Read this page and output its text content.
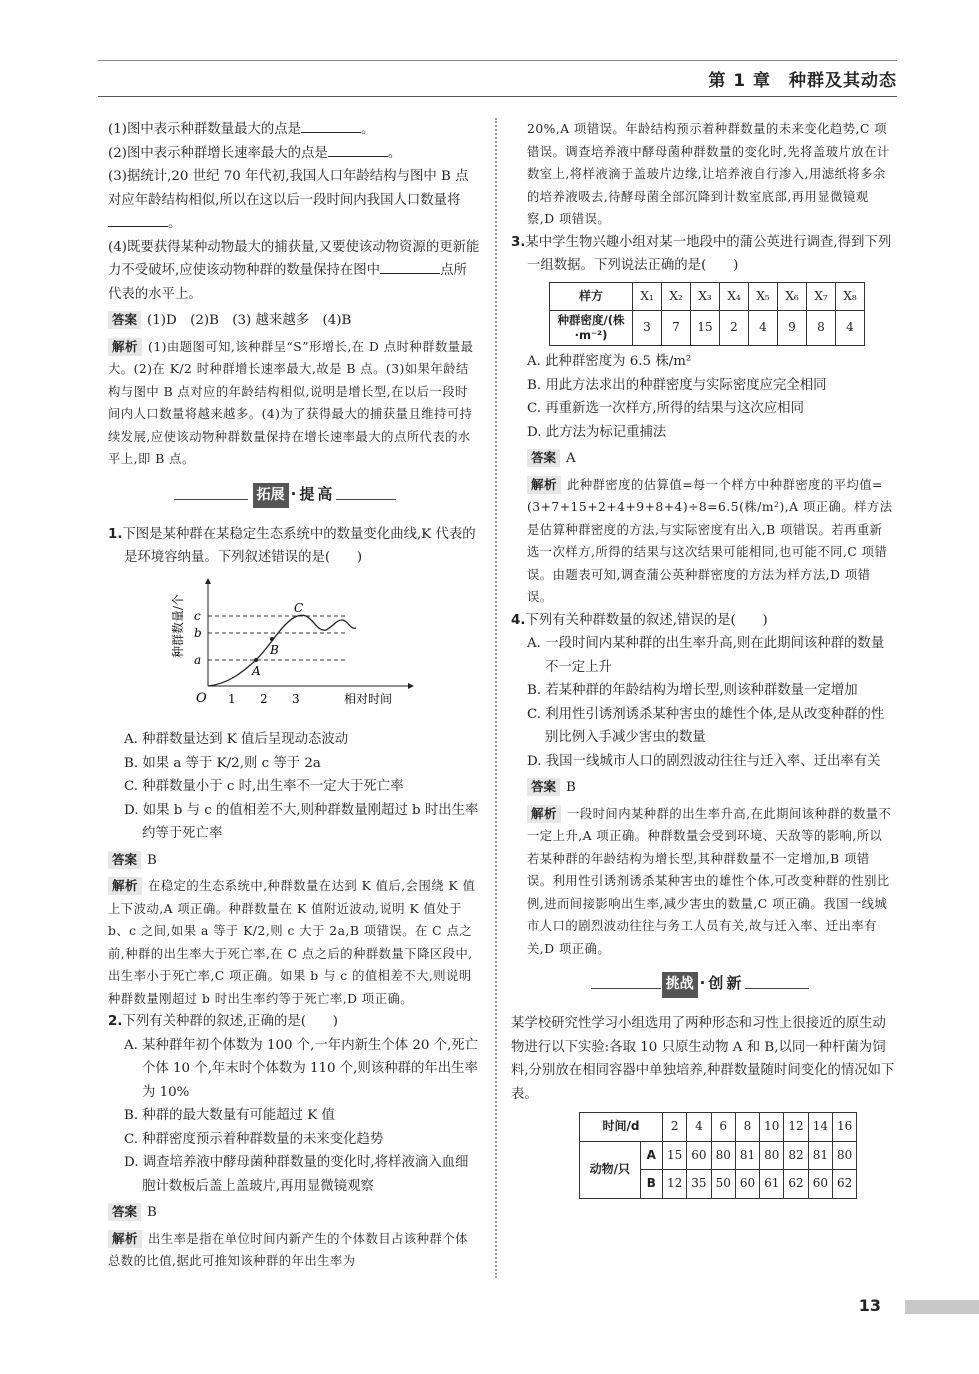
第 1 章　种群及其动态

(1)图中表示种群数量最大的点是	。

(2)图中表示种群增长速率最大的点是	。

(3)据统计,20 世纪 70 年代初,我国人口年龄结构与图中 B 点对应年龄结构相似,所以在这以后一段时间内我国人口数量将。

(4)既要获得某种动物最大的捕获量,又要使该动物资源的更新能力不受破坏,应使该动物种群的数量保持在图中	点所代表的水平上。

答案 (1)D　(2)B　(3) 越来越多　(4)B

解析 (1)由题图可知,该种群呈“S”形增长,在 D 点时种群数量最大。(2)在 K/2 时种群增长速率最大,故是 B 点。(3)如果年龄结构与图中 B 点对应的年龄结构相似,说明是增长型,在以后一段时间内人口数量将越来越多。(4)为了获得最大的捕获量且维持可持续发展,应使该动物种群数量保持在增长速率最大的点所代表的水平上,即 B 点。

拓展 ·提高

1.下图是某种群在某稳定生态系统中的数量变化曲线,K 代表的是环境容纳量。下列叙述错误的是(　　)

c
b
a
A
B
C
O 1 2 3	相对时间
种群数量/个

A. 种群数量达到 K 值后呈现动态波动

B. 如果 a 等于 K/2,则 c 等于 2a

C. 种群数量小于 c 时,出生率不一定大于死亡率

D. 如果 b 与 c 的值相差不大,则种群数量刚超过 b 时出生率约等于死亡率

答案 B

解析 在稳定的生态系统中,种群数量在达到 K 值后,会围绕 K 值上下波动,A 项正确。种群数量在 K 值附近波动,说明 K 值处于 b、c 之间,如果 a 等于 K/2,则 c 大于 2a,B 项错误。在 C 点之前,种群的出生率大于死亡率,在 C 点之后的种群数量下降区段中,出生率小于死亡率,C 项正确。如果 b 与 c 的值相差不大,则说明种群数量刚超过 b 时出生率约等于死亡率,D 项正确。

2.下列有关种群的叙述,正确的是(　　)

A. 某种群年初个体数为 100 个,一年内新生个体 20 个,死亡个体 10 个,年末时个体数为 110 个,则该种群的年出生率为 10%

B. 种群的最大数量有可能超过 K 值

C. 种群密度预示着种群数量的未来变化趋势

D. 调查培养液中酵母菌种群数量的变化时,将样液滴入血细胞计数板后盖上盖玻片,再用显微镜观察

答案 B

解析 出生率是指在单位时间内新产生的个体数目占该种群个体总数的比值,据此可推知该种群的年出生率为

20%,A 项错误。年龄结构预示着种群数量的未来变化趋势,C 项错误。调查培养液中酵母菌种群数量的变化时,先将盖玻片放在计数室上,将样液滴于盖玻片边缘,让培养液自行渗入,用滤纸将多余的培养液吸去,待酵母菌全部沉降到计数室底部,再用显微镜观察,D 项错误。

3.某中学生物兴趣小组对某一地段中的蒲公英进行调查,得到下列一组数据。下列说法正确的是(　　)

样方	X₁	X₂	X₃	X₄	X₅	X₆	X₇	X₈
种群密度/(株·m⁻²)	3	7	15	2	4	9	8	4

A. 此种群密度为 6.5 株/m²

B. 用此方法求出的种群密度与实际密度应完全相同

C. 再重新选一次样方,所得的结果与这次应相同

D. 此方法为标记重捕法

答案 A

解析 此种群密度的估算值=每一个样方中种群密度的平均值=(3+7+15+2+4+9+8+4)÷8=6.5(株/m²),A 项正确。样方法是估算种群密度的方法,与实际密度有出入,B 项错误。若再重新选一次样方,所得的结果与这次结果可能相同,也可能不同,C 项错误。由题表可知,调查蒲公英种群密度的方法为样方法,D 项错误。

4.下列有关种群数量的叙述,错误的是(　　)

A. 一段时间内某种群的出生率升高,则在此期间该种群的数量不一定上升

B. 若某种群的年龄结构为增长型,则该种群数量一定增加

C. 利用性引诱剂诱杀某种害虫的雄性个体,是从改变种群的性别比例入手减少害虫的数量

D. 我国一线城市人口的剧烈波动往往与迁入率、迁出率有关

答案 B

解析 一段时间内某种群的出生率升高,在此期间该种群的数量不一定上升,A 项正确。种群数量会受到环境、天敌等的影响,所以若某种群的年龄结构为增长型,其种群数量不一定增加,B 项错误。利用性引诱剂诱杀某种害虫的雄性个体,可改变种群的性别比例,进而间接影响出生率,减少害虫的数量,C 项正确。我国一线城市人口的剧烈波动往往与务工人员有关,故与迁入率、迁出率有关,D 项正确。

挑战 ·创新

某学校研究性学习小组选用了两种形态和习性上很接近的原生动物进行以下实验:各取 10 只原生动物 A 和 B,以同一种杆菌为饲料,分别放在相同容器中单独培养,种群数量随时间变化的情况如下表。

时间/d		2	4	6	8	10	12	14	16
动物/只	A	15	60	80	81	80	82	81	80
	B	12	35	50	60	61	62	60	62
13
